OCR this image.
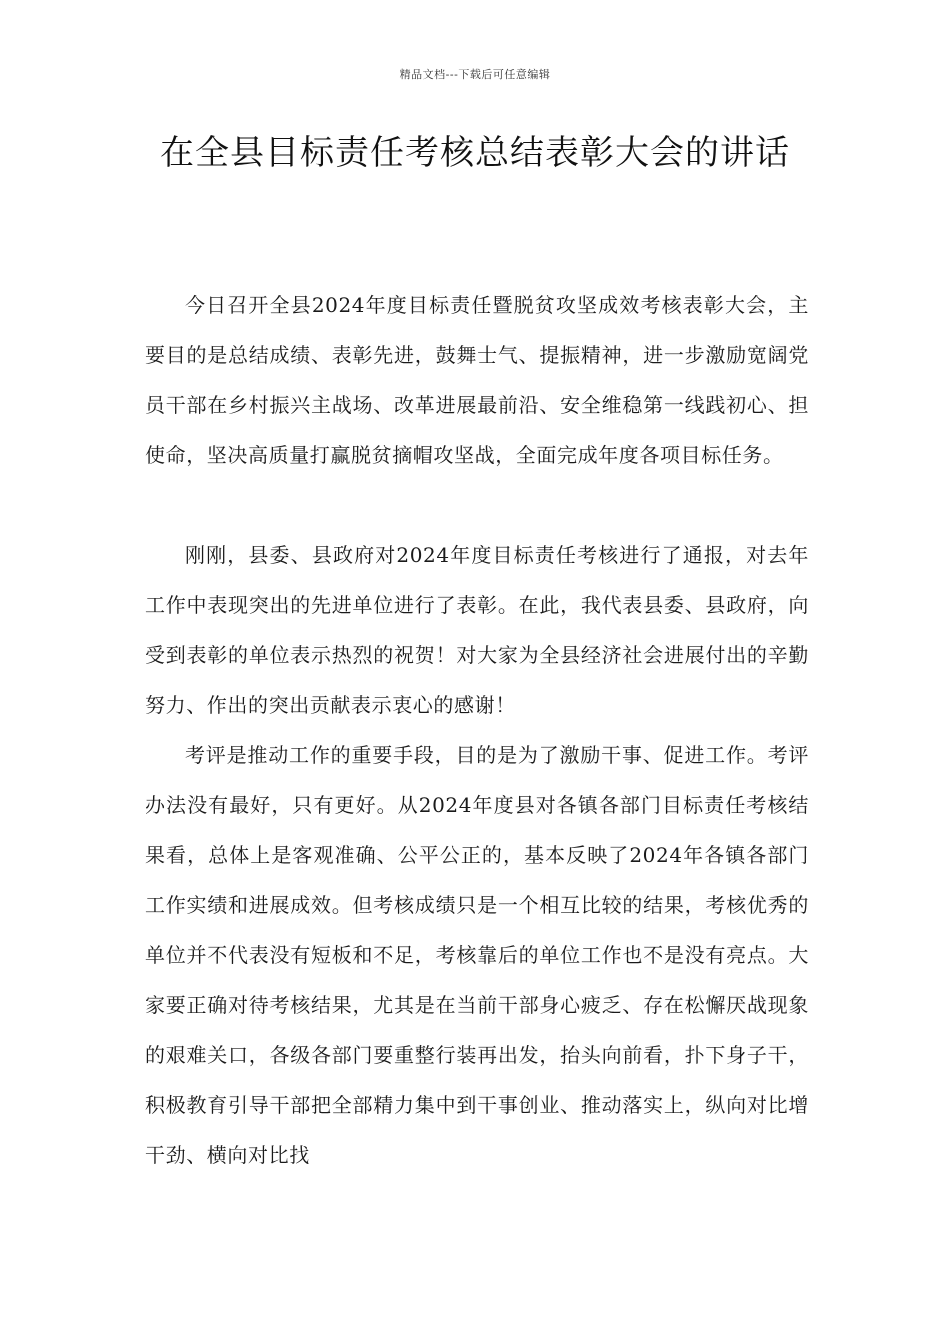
精品文档---下载后可任意编辑
在全县目标责任考核总结表彰大会的讲话

今日召开全县2024年度目标责任暨脱贫攻坚成效考核表彰大会，主要目的是总结成绩、表彰先进，鼓舞士气、提振精神，进一步激励宽阔党员干部在乡村振兴主战场、改革进展最前沿、安全维稳第一线践初心、担使命，坚决高质量打赢脱贫摘帽攻坚战，全面完成年度各项目标任务。

刚刚，县委、县政府对2024年度目标责任考核进行了通报，对去年工作中表现突出的先进单位进行了表彰。在此，我代表县委、县政府，向受到表彰的单位表示热烈的祝贺！对大家为全县经济社会进展付出的辛勤努力、作出的突出贡献表示衷心的感谢！

考评是推动工作的重要手段，目的是为了激励干事、促进工作。考评办法没有最好，只有更好。从2024年度县对各镇各部门目标责任考核结果看，总体上是客观准确、公平公正的，基本反映了2024年各镇各部门工作实绩和进展成效。但考核成绩只是一个相互比较的结果，考核优秀的单位并不代表没有短板和不足，考核靠后的单位工作也不是没有亮点。大家要正确对待考核结果，尤其是在当前干部身心疲乏、存在松懈厌战现象的艰难关口，各级各部门要重整行装再出发，抬头向前看，扑下身子干，积极教育引导干部把全部精力集中到干事创业、推动落实上，纵向对比增干劲、横向对比找
